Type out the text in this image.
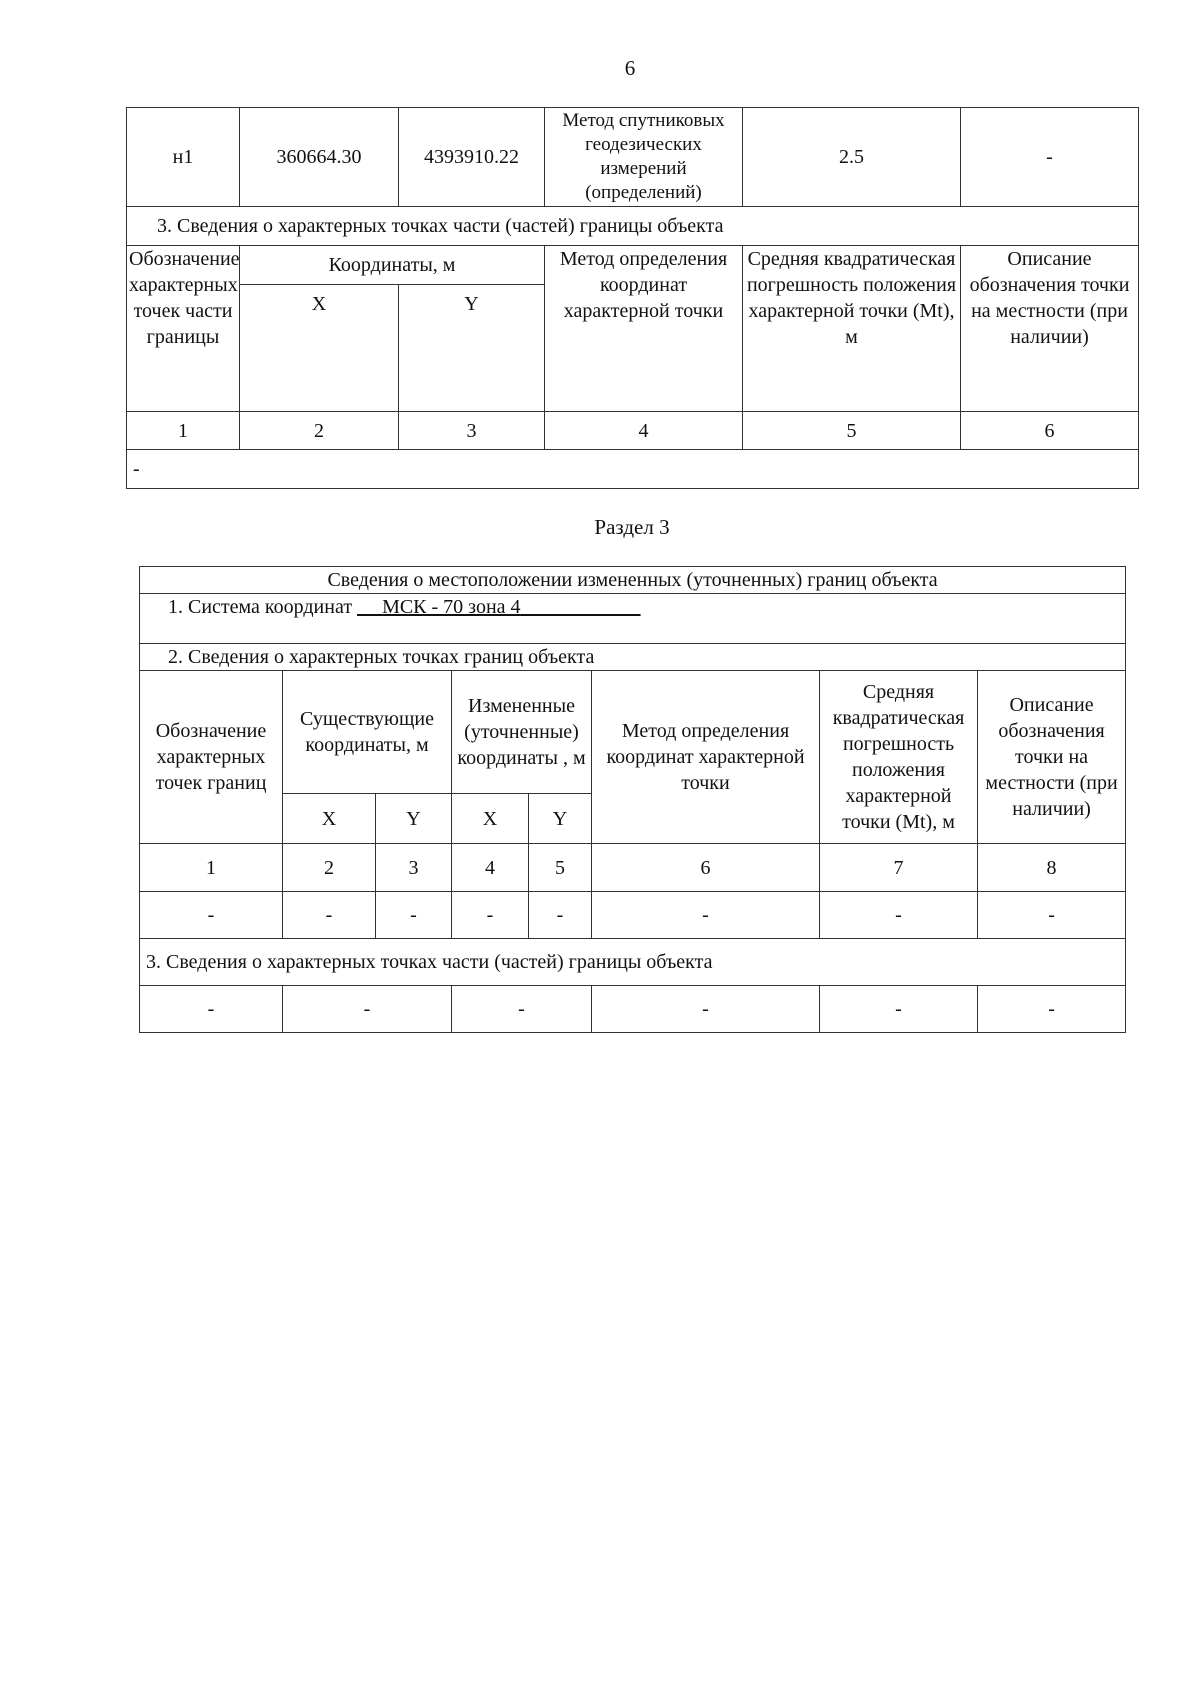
6
н1	360664.30	4393910.22	Метод спутниковых геодезических измерений (определений)	2.5	-
3. Сведения о характерных точках части (частей) границы объекта					
Обозначение характерных точек части границы	Координаты, м		Метод определения координат характерной точки	Средняя квадратическая погрешность положения характерной точки (Mt), м	Описание обозначения точки на местности (при наличии)
	X	Y			
1	2	3	4	5	6
-					
Раздел 3
Сведения о местоположении измененных (уточненных) границ объекта							
1. Система координат      МСК - 70 зона 4							
2. Сведения о характерных точках границ объекта							
Обозначение характерных точек границ	Существующие координаты, м		Измененные (уточненные) координаты , м		Метод определения координат характерной точки	Средняя квадратическая погрешность положения характерной точки (Mt), м	Описание обозначения точки на местности (при наличии)
	X	Y	X	Y			
1	2	3	4	5	6	7	8
-	-	-	-	-	-	-	-
3. Сведения о характерных точках части (частей) границы объекта							
-	-		-		-	-	-
